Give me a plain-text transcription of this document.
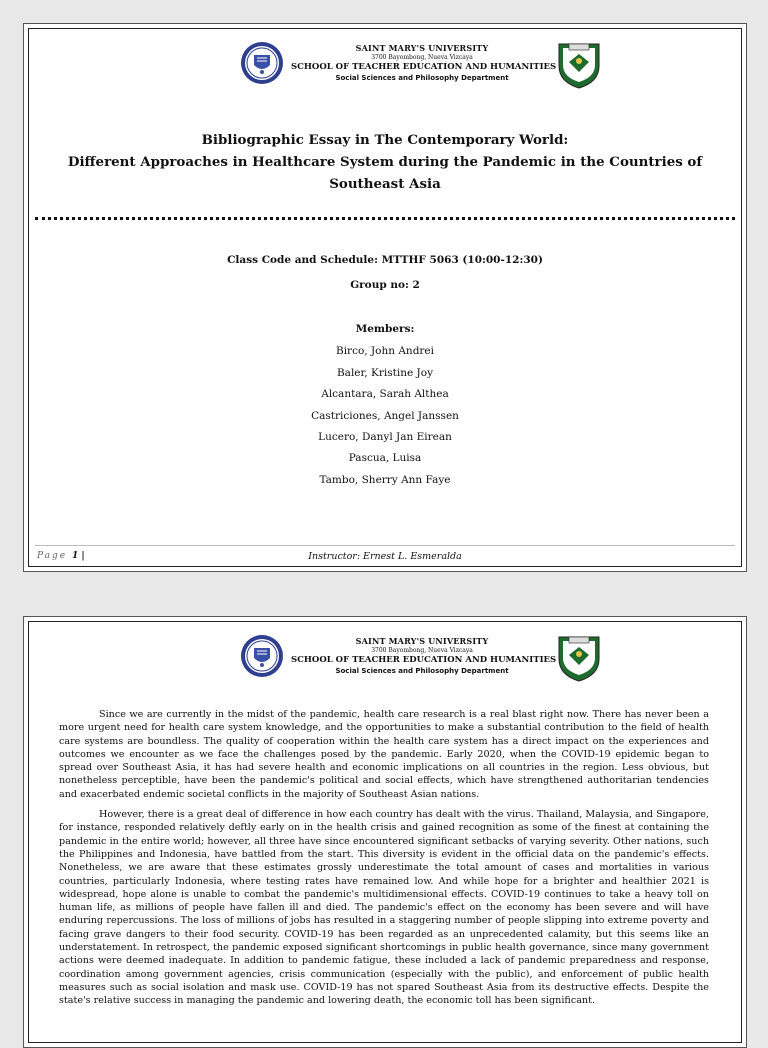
SAINT MARY'S UNIVERSITY
3700 Bayombong, Nueva Vizcaya
SCHOOL OF TEACHER EDUCATION AND HUMANITIES
Social Sciences and Philosophy Department
Bibliographic Essay in The Contemporary World:
Different Approaches in Healthcare System during the Pandemic in the Countries of Southeast Asia
Class Code and Schedule: MTTHF 5063 (10:00-12:30)
Group no: 2
Members:
Birco, John Andrei
Baler, Kristine Joy
Alcantara, Sarah Althea
Castriciones, Angel Janssen
Lucero, Danyl Jan Eirean
Pascua, Luisa
Tambo, Sherry Ann Faye
Page 1 |	Instructor: Ernest L. Esmeralda
SAINT MARY'S UNIVERSITY
3700 Bayombong, Nueva Vizcaya
SCHOOL OF TEACHER EDUCATION AND HUMANITIES
Social Sciences and Philosophy Department

Since we are currently in the midst of the pandemic, health care research is a real blast right now. There has never been a more urgent need for health care system knowledge, and the opportunities to make a substantial contribution to the field of health care systems are boundless. The quality of cooperation within the health care system has a direct impact on the experiences and outcomes we encounter as we face the challenges posed by the pandemic. Early 2020, when the COVID-19 epidemic began to spread over Southeast Asia, it has had severe health and economic implications on all countries in the region. Less obvious, but nonetheless perceptible, have been the pandemic's political and social effects, which have strengthened authoritarian tendencies and exacerbated endemic societal conflicts in the majority of Southeast Asian nations.

However, there is a great deal of difference in how each country has dealt with the virus. Thailand, Malaysia, and Singapore, for instance, responded relatively deftly early on in the health crisis and gained recognition as some of the finest at containing the pandemic in the entire world; however, all three have since encountered significant setbacks of varying severity. Other nations, such the Philippines and Indonesia, have battled from the start. This diversity is evident in the official data on the pandemic's effects. Nonetheless, we are aware that these estimates grossly underestimate the total amount of cases and mortalities in various countries, particularly Indonesia, where testing rates have remained low. And while hope for a brighter and healthier 2021 is widespread, hope alone is unable to combat the pandemic's multidimensional effects. COVID-19 continues to take a heavy toll on human life, as millions of people have fallen ill and died. The pandemic's effect on the economy has been severe and will have enduring repercussions. The loss of millions of jobs has resulted in a staggering number of people slipping into extreme poverty and facing grave dangers to their food security. COVID-19 has been regarded as an unprecedented calamity, but this seems like an understatement. In retrospect, the pandemic exposed significant shortcomings in public health governance, since many government actions were deemed inadequate. In addition to pandemic fatigue, these included a lack of pandemic preparedness and response, coordination among government agencies, crisis communication (especially with the public), and enforcement of public health measures such as social isolation and mask use. COVID-19 has not spared Southeast Asia from its destructive effects. Despite the state's relative success in managing the pandemic and lowering death, the economic toll has been significant.
